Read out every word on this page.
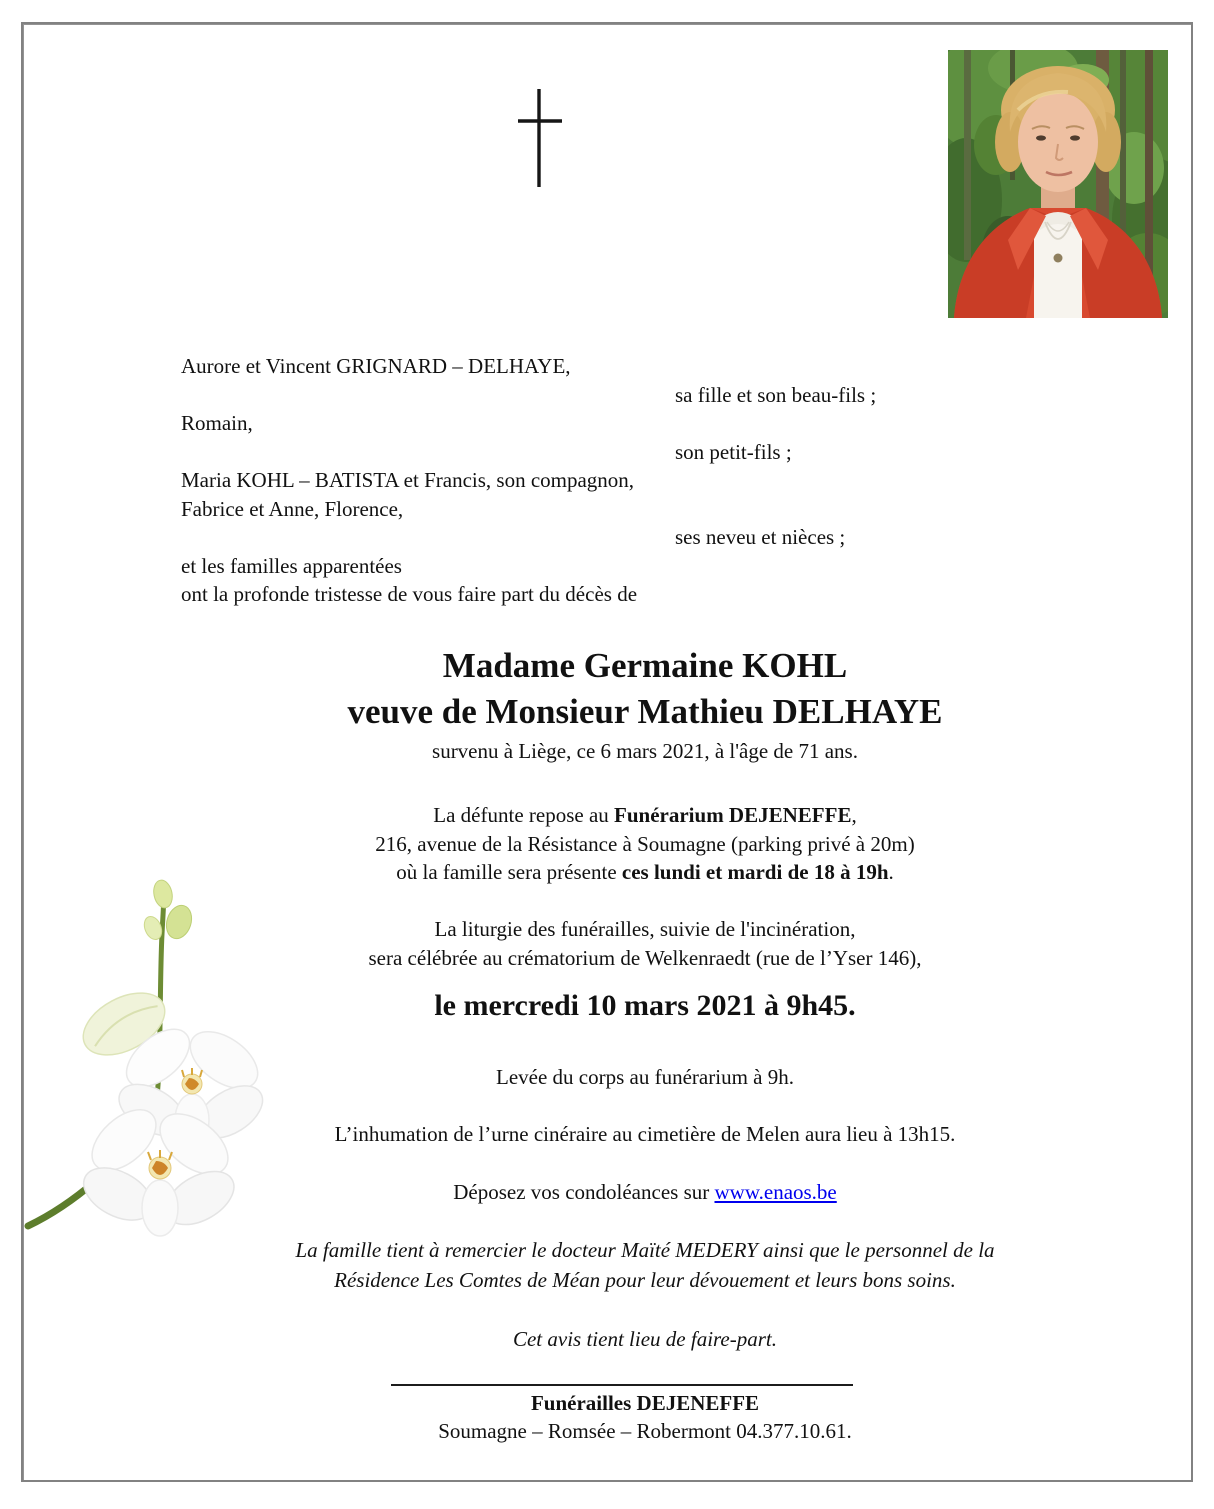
Aurore et Vincent GRIGNARD – DELHAYE,
sa fille et son beau-fils ;
Romain,
son petit-fils ;
Maria KOHL – BATISTA et Francis, son compagnon,
Fabrice et Anne, Florence,
ses neveu et nièces ;
et les familles apparentées
ont la profonde tristesse de vous faire part du décès de
Madame Germaine KOHL
veuve de Monsieur Mathieu DELHAYE
survenu à Liège, ce 6 mars 2021, à l'âge de 71 ans.
La défunte repose au Funérarium DEJENEFFE,
216, avenue de la Résistance à Soumagne (parking privé à 20m)
où la famille sera présente ces lundi et mardi de 18 à 19h.
La liturgie des funérailles, suivie de l'incinération,
sera célébrée au crématorium de Welkenraedt (rue de l’Yser 146),
le mercredi 10 mars 2021 à 9h45.
Levée du corps au funérarium à 9h.
L’inhumation de l’urne cinéraire au cimetière de Melen aura lieu à 13h15.
Déposez vos condoléances sur www.enaos.be
La famille tient à remercier le docteur Maïté MEDERY ainsi que le personnel de la
Résidence Les Comtes de Méan pour leur dévouement et leurs bons soins.
Cet avis tient lieu de faire-part.
Funérailles DEJENEFFE
Soumagne – Romsée – Robermont 04.377.10.61.
